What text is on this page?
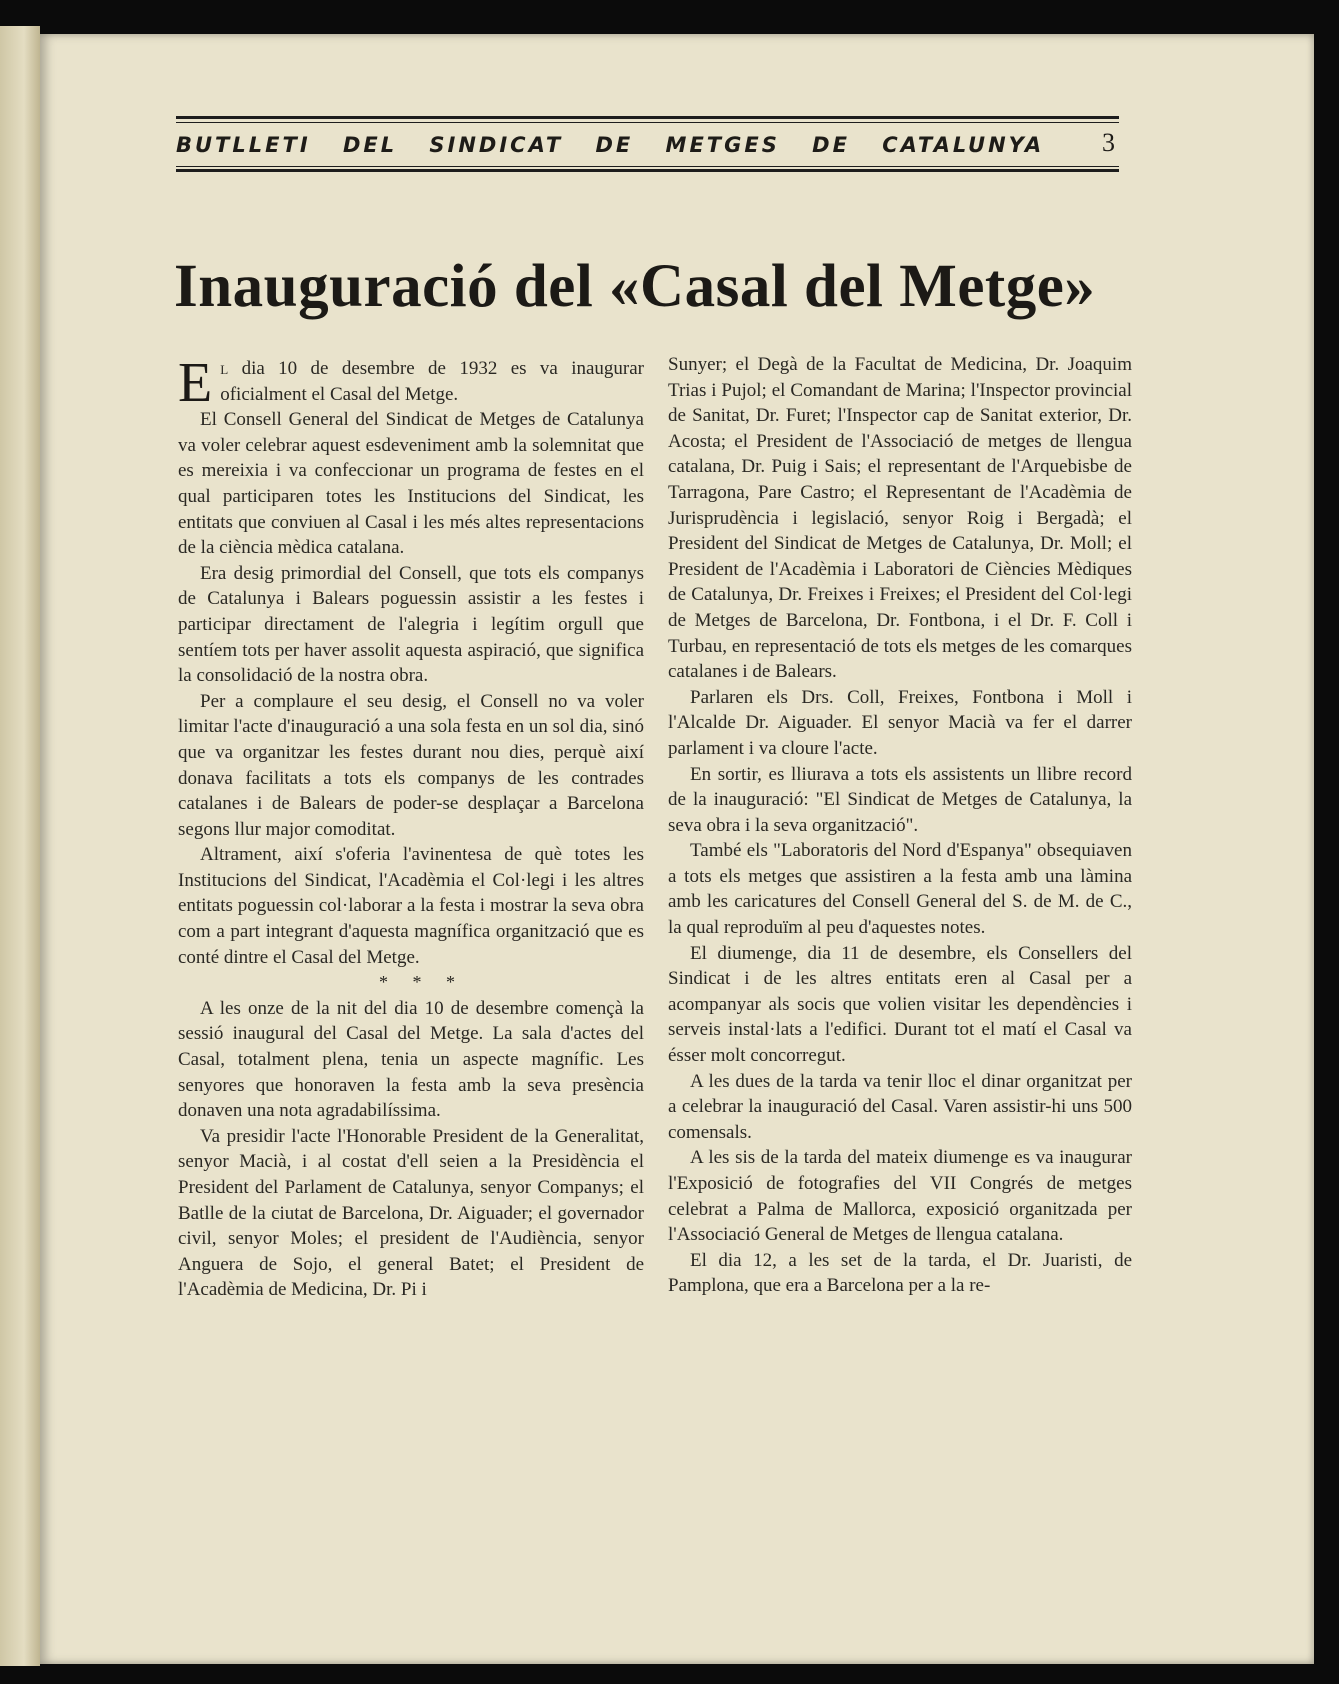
BUTLLETI DEL SINDICAT DE METGES DE CATALUNYA 3
Inauguració del «Casal del Metge»

El dia 10 de desembre de 1932 es va inaugurar oficialment el Casal del Metge.

El Consell General del Sindicat de Metges de Catalunya va voler celebrar aquest esdeveniment amb la solemnitat que es mereixia i va confeccionar un programa de festes en el qual participaren totes les Institucions del Sindicat, les entitats que conviuen al Casal i les més altes representacions de la ciència mèdica catalana.

Era desig primordial del Consell, que tots els companys de Catalunya i Balears poguessin assistir a les festes i participar directament de l'alegria i legítim orgull que sentíem tots per haver assolit aquesta aspiració, que significa la consolidació de la nostra obra.

Per a complaure el seu desig, el Consell no va voler limitar l'acte d'inauguració a una sola festa en un sol dia, sinó que va organitzar les festes durant nou dies, perquè així donava facilitats a tots els companys de les contrades catalanes i de Balears de poder-se desplaçar a Barcelona segons llur major comoditat.

Altrament, així s'oferia l'avinentesa de què totes les Institucions del Sindicat, l'Acadèmia el Col·legi i les altres entitats poguessin col·laborar a la festa i mostrar la seva obra com a part integrant d'aquesta magnífica organització que es conté dintre el Casal del Metge.

* * *

A les onze de la nit del dia 10 de desembre començà la sessió inaugural del Casal del Metge. La sala d'actes del Casal, totalment plena, tenia un aspecte magnífic. Les senyores que honoraven la festa amb la seva presència donaven una nota agradabilíssima.

Va presidir l'acte l'Honorable President de la Generalitat, senyor Macià, i al costat d'ell seien a la Presidència el President del Parlament de Catalunya, senyor Companys; el Batlle de la ciutat de Barcelona, Dr. Aiguader; el governador civil, senyor Moles; el president de l'Audiència, senyor Anguera de Sojo, el general Batet; el President de l'Acadèmia de Medicina, Dr. Pi i

Sunyer; el Degà de la Facultat de Medicina, Dr. Joaquim Trias i Pujol; el Comandant de Marina; l'Inspector provincial de Sanitat, Dr. Furet; l'Inspector cap de Sanitat exterior, Dr. Acosta; el President de l'Associació de metges de llengua catalana, Dr. Puig i Sais; el representant de l'Arquebisbe de Tarragona, Pare Castro; el Representant de l'Acadèmia de Jurisprudència i legislació, senyor Roig i Bergadà; el President del Sindicat de Metges de Catalunya, Dr. Moll; el President de l'Acadèmia i Laboratori de Ciències Mèdiques de Catalunya, Dr. Freixes i Freixes; el President del Col·legi de Metges de Barcelona, Dr. Fontbona, i el Dr. F. Coll i Turbau, en representació de tots els metges de les comarques catalanes i de Balears.

Parlaren els Drs. Coll, Freixes, Fontbona i Moll i l'Alcalde Dr. Aiguader. El senyor Macià va fer el darrer parlament i va cloure l'acte.

En sortir, es lliurava a tots els assistents un llibre record de la inauguració: "El Sindicat de Metges de Catalunya, la seva obra i la seva organització".

També els "Laboratoris del Nord d'Espanya" obsequiaven a tots els metges que assistiren a la festa amb una làmina amb les caricatures del Consell General del S. de M. de C., la qual reproduïm al peu d'aquestes notes.

El diumenge, dia 11 de desembre, els Consellers del Sindicat i de les altres entitats eren al Casal per a acompanyar als socis que volien visitar les dependències i serveis instal·lats a l'edifici. Durant tot el matí el Casal va ésser molt concorregut.

A les dues de la tarda va tenir lloc el dinar organitzat per a celebrar la inauguració del Casal. Varen assistir-hi uns 500 comensals.

A les sis de la tarda del mateix diumenge es va inaugurar l'Exposició de fotografies del VII Congrés de metges celebrat a Palma de Mallorca, exposició organitzada per l'Associació General de Metges de llengua catalana.

El dia 12, a les set de la tarda, el Dr. Juaristi, de Pamplona, que era a Barcelona per a la re-
